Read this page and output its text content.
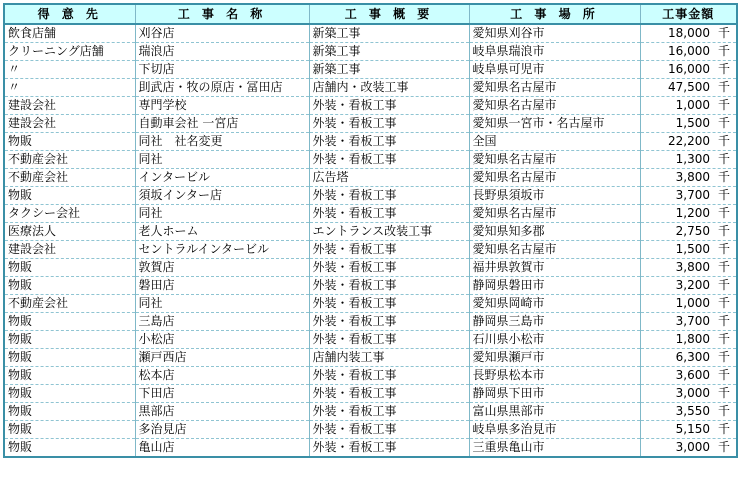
得 意 先	工 事 名 称	工 事 概 要	工 事 場 所	工事金額
飲食店舗	刈谷店	新築工事	愛知県刈谷市	18,000 千
クリーニング店舗	瑞浪店	新築工事	岐阜県瑞浪市	16,000 千
〃	下切店	新築工事	岐阜県可児市	16,000 千
〃	刞武店・牧の原店・冨田店	店舗内・改装工事	愛知県名古屋市	47,500 千
建設会社	専門学校	外装・看板工事	愛知県名古屋市	1,000 千
建設会社	自動車会社 一宮店	外装・看板工事	愛知県一宮市・名古屋市	1,500 千
物販	同社　社名変更	外装・看板工事	全国	22,200 千
不動産会社	同社	外装・看板工事	愛知県名古屋市	1,300 千
不動産会社	インタービル	広告塔	愛知県名古屋市	3,800 千
物販	須坂インター店	外装・看板工事	長野県須坂市	3,700 千
タクシー会社	同社	外装・看板工事	愛知県名古屋市	1,200 千
医療法人	老人ホーム	エントランス改装工事	愛知県知多郡	2,750 千
建設会社	セントラルインタービル	外装・看板工事	愛知県名古屋市	1,500 千
物販	敦賀店	外装・看板工事	福井県敦賀市	3,800 千
物販	磐田店	外装・看板工事	静岡県磐田市	3,200 千
不動産会社	同社	外装・看板工事	愛知県岡崎市	1,000 千
物販	三島店	外装・看板工事	静岡県三島市	3,700 千
物販	小松店	外装・看板工事	石川県小松市	1,800 千
物販	瀬戸西店	店舗内装工事	愛知県瀬戸市	6,300 千
物販	松本店	外装・看板工事	長野県松本市	3,600 千
物販	下田店	外装・看板工事	静岡県下田市	3,000 千
物販	黒部店	外装・看板工事	富山県黒部市	3,550 千
物販	多治見店	外装・看板工事	岐阜県多治見市	5,150 千
物販	亀山店	外装・看板工事	三重県亀山市	3,000 千
